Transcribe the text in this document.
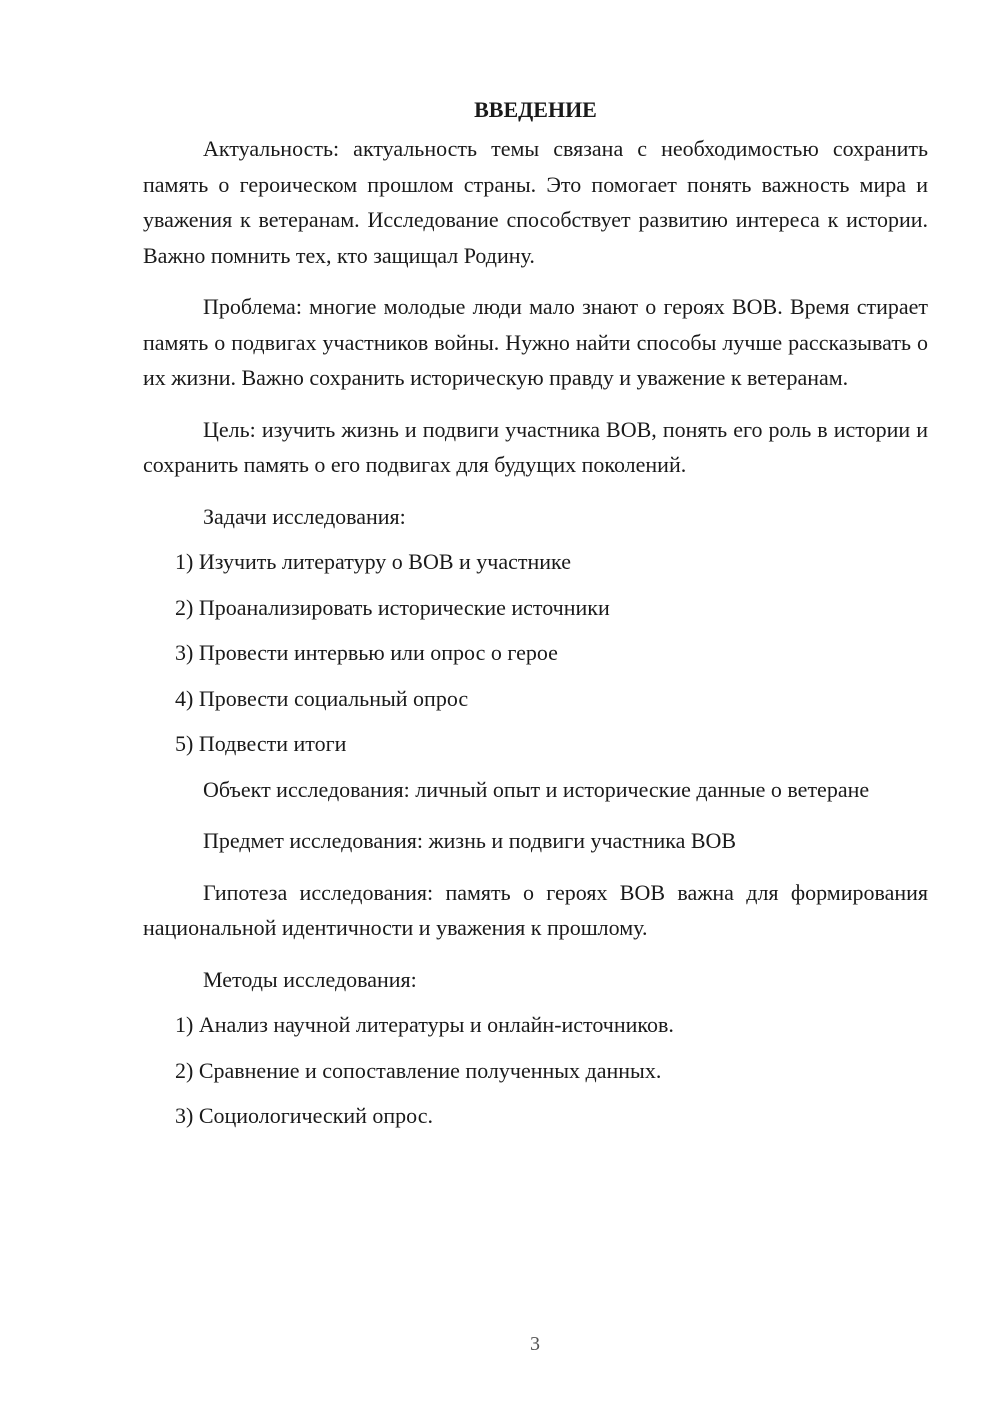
ВВЕДЕНИЕ

Актуальность: актуальность темы связана с необходимостью сохранить память о героическом прошлом страны. Это помогает понять важность мира и уважения к ветеранам. Исследование способствует развитию интереса к истории. Важно помнить тех, кто защищал Родину.

Проблема: многие молодые люди мало знают о героях ВОВ. Время стирает память о подвигах участников войны. Нужно найти способы лучше рассказывать о их жизни. Важно сохранить историческую правду и уважение к ветеранам.

Цель: изучить жизнь и подвиги участника ВОВ, понять его роль в истории и сохранить память о его подвигах для будущих поколений.

Задачи исследования:

1) Изучить литературу о ВОВ и участнике
2) Проанализировать исторические источники
3) Провести интервью или опрос о герое
4) Провести социальный опрос
5) Подвести итоги

Объект исследования: личный опыт и исторические данные о ветеране

Предмет исследования: жизнь и подвиги участника ВОВ

Гипотеза исследования: память о героях ВОВ важна для формирования национальной идентичности и уважения к прошлому.

Методы исследования:

1) Анализ научной литературы и онлайн-источников.
2) Сравнение и сопоставление полученных данных.
3) Социологический опрос.
3
